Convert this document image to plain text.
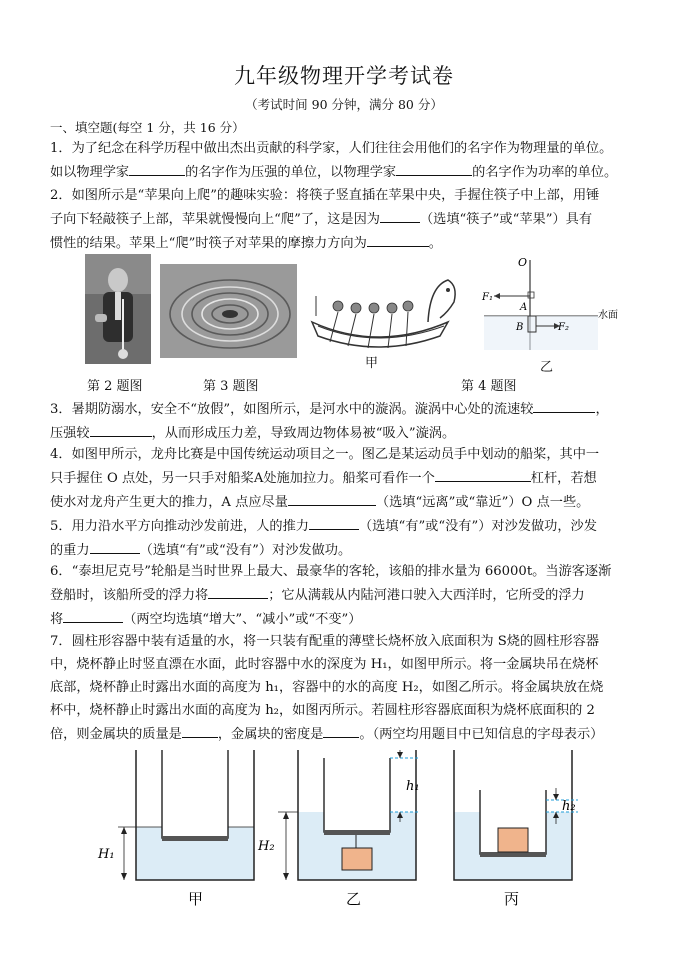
九年级物理开学考试卷
（考试时间 90 分钟，满分 80 分）
一、填空题(每空 1 分，共 16 分）
1．为了纪念在科学历程中做出杰出贡献的科学家，人们往往会用他们的名字作为物理量的单位。
如以物理学家	的名字作为压强的单位，以物理学家	的名字作为功率的单位。
2．如图所示是“苹果向上爬”的趣味实验：将筷子竖直插在苹果中央，手握住筷子中上部，用锤
子向下轻敲筷子上部，苹果就慢慢向上“爬”了，这是因为	（选填“筷子”或“苹果”）具有
惯性的结果。苹果上“爬”时筷子对苹果的摩擦力方向为	。
甲
O
F₁
A
水面
B	F₂
乙
第 2 题图	第 3 题图	第 4 题图
3．暑期防溺水，安全不“放假”，如图所示，是河水中的漩涡。漩涡中心处的流速较	，
压强较	，从而形成压力差，导致周边物体易被“吸入”漩涡。
4．如图甲所示，龙舟比赛是中国传统运动项目之一。图乙是某运动员手中划动的船桨，其中一
只手握住 O 点处，另一只手对船桨A处施加拉力。船桨可看作一个	杠杆，若想
使水对龙舟产生更大的推力，A 点应尽量	（选填“远离”或“靠近”）O 点一些。
5．用力沿水平方向推动沙发前进，人的推力	（选填“有”或“没有”）对沙发做功，沙发
的重力	（选填“有”或“没有”）对沙发做功。
6．“泰坦尼克号”轮船是当时世界上最大、最豪华的客轮，该船的排水量为 66000t。当游客逐渐
登船时，该船所受的浮力将	；它从满载从内陆河港口驶入大西洋时，它所受的浮力
将	（两空均选填“增大”、“减小”或“不变”）
7．圆柱形容器中装有适量的水，将一只装有配重的薄壁长烧杯放入底面积为 S烧的圆柱形容器
中，烧杯静止时竖直漂在水面，此时容器中水的深度为 H₁，如图甲所示。将一金属块吊在烧杯
底部，烧杯静止时露出水面的高度为 h₁，容器中的水的高度 H₂，如图乙所示。将金属块放在烧
杯中，烧杯静止时露出水面的高度为 h₂，如图丙所示。若圆柱形容器底面积为烧杯底面积的 2
倍，则金属块的质量是	，金属块的密度是	。（两空均用题目中已知信息的字母表示）
H₁
h₁
H₂
h₂
甲	乙	丙
